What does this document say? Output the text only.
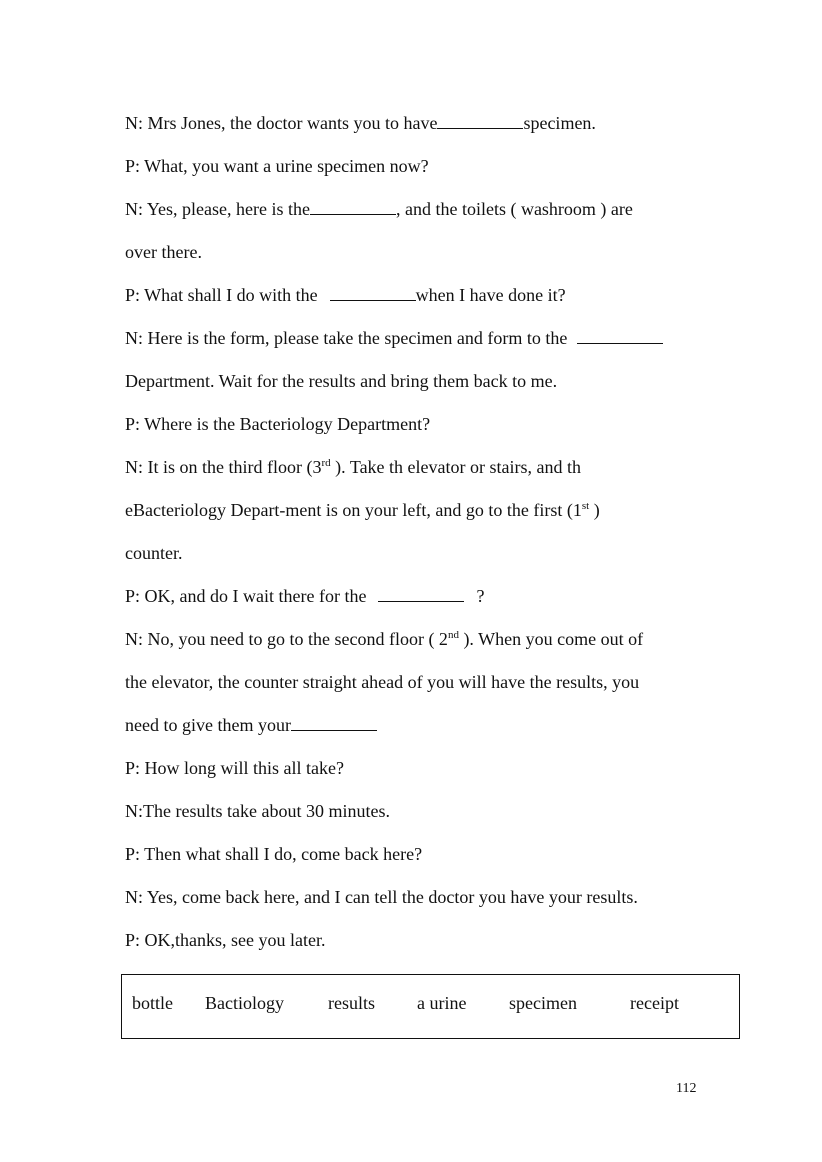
N: Mrs Jones, the doctor wants you to have	specimen.
P: What, you want a urine specimen now?
N: Yes, please, here is the	, and the toilets ( washroom ) are
over there.
P: What shall I do with the	when I have done it?
N: Here is the form, please take the specimen and form to the
Department. Wait for the results and bring them back to me.
P: Where is the Bacteriology Department?
N: It is on the third floor (3rd ). Take th elevator or stairs, and th
eBacteriology Depart-ment is on your left, and go to the first (1st )
counter.
P: OK, and do I wait there for the	?
N: No, you need to go to the second floor ( 2nd ). When you come out of
the elevator, the counter straight ahead of you will have the results, you
need to give them your
P: How long will this all take?
N:The results take about 30 minutes.
P: Then what shall I do, come back here?
N: Yes, come back here, and I can tell the doctor you have your results.
P: OK,thanks, see you later.
bottle Bactiology results a urine specimen	receipt
112
